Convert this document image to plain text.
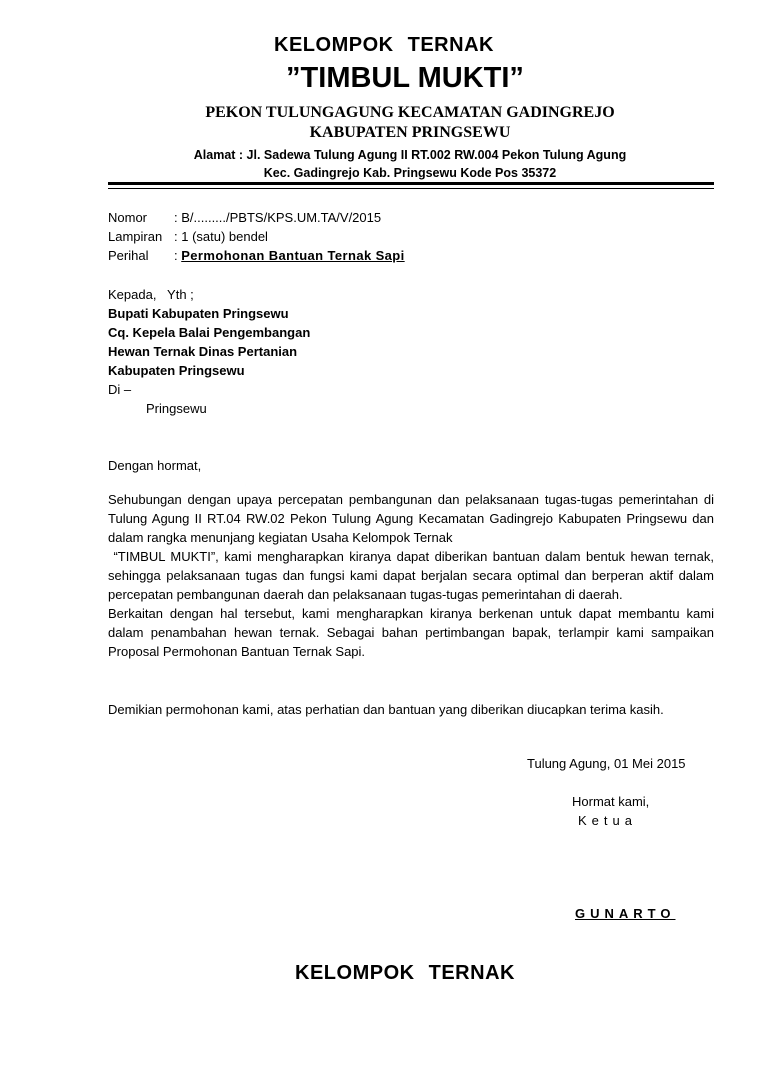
KELOMPOK TERNAK
”TIMBUL MUKTI”
PEKON TULUNGAGUNG KECAMATAN GADINGREJO
KABUPATEN PRINGSEWU
Alamat : Jl. Sadewa Tulung Agung II RT.002 RW.004 Pekon Tulung Agung
Kec. Gadingrejo Kab. Pringsewu Kode Pos 35372
Nomor	: B/........./PBTS/KPS.UM.TA/V/2015
Lampiran : 1 (satu) bendel
Perihal	: Permohonan Bantuan Ternak Sapi
Kepada,   Yth ;
Bupati Kabupaten Pringsewu
Cq. Kepela Balai Pengembangan
Hewan Ternak Dinas Pertanian
Kabupaten Pringsewu
Di –
Pringsewu
Dengan hormat,

Sehubungan dengan upaya percepatan pembangunan dan pelaksanaan tugas-tugas pemerintahan di Tulung Agung II RT.04 RW.02 Pekon Tulung Agung Kecamatan Gadingrejo Kabupaten Pringsewu dan dalam rangka menunjang kegiatan Usaha Kelompok Ternak

“TIMBUL MUKTI”, kami mengharapkan kiranya dapat diberikan bantuan dalam bentuk hewan ternak, sehingga pelaksanaan tugas dan fungsi kami dapat berjalan secara optimal dan berperan aktif dalam percepatan pembangunan daerah dan pelaksanaan tugas-tugas pemerintahan di daerah.

Berkaitan dengan hal tersebut, kami mengharapkan kiranya berkenan untuk dapat membantu kami dalam penambahan hewan ternak. Sebagai bahan pertimbangan bapak, terlampir kami sampaikan Proposal Permohonan Bantuan Ternak Sapi.

Demikian permohonan kami, atas perhatian dan bantuan yang diberikan diucapkan terima kasih.
Tulung Agung, 01 Mei 2015
Hormat kami,
Ketua
GUNARTO
KELOMPOK TERNAK
